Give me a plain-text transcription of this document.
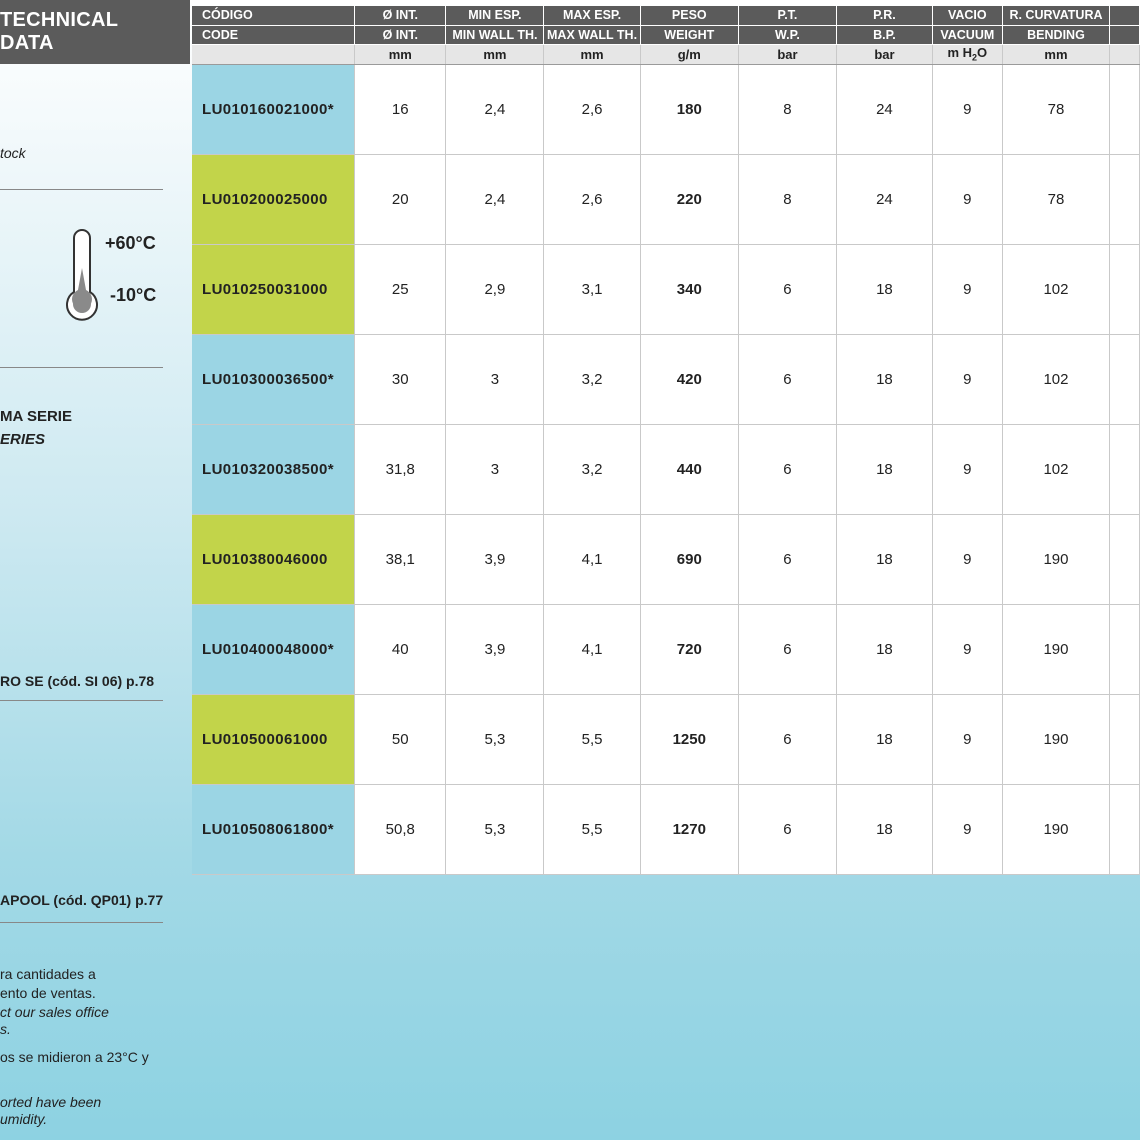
TECHNICAL DATA
tock
+60°C
-10°C
MA SERIE
ERIES
RO SE (cód. SI 06) p.78
APOOL (cód. QP01) p.77
ra cantidades a
ento de ventas.
ct our sales office
s.
os se midieron a 23°C y
orted have been
umidity.
CÓDIGO	Ø INT.	MIN ESP.	MAX ESP.	PESO	P.T.	P.R.	VACIO	R. CURVATURA	
CODE	Ø INT.	MIN WALL TH.	MAX WALL TH.	WEIGHT	W.P.	B.P.	VACUUM	BENDING	
	mm	mm	mm	g/m	bar	bar	m $H_2O$	mm	
LU010160021000*	16	2,4	2,6	180	8	24	9	78	
LU010200025000	20	2,4	2,6	220	8	24	9	78	
LU010250031000	25	2,9	3,1	340	6	18	9	102	
LU010300036500*	30	3	3,2	420	6	18	9	102	
LU010320038500*	31,8	3	3,2	440	6	18	9	102	
LU010380046000	38,1	3,9	4,1	690	6	18	9	190	
LU010400048000*	40	3,9	4,1	720	6	18	9	190	
LU010500061000	50	5,3	5,5	1250	6	18	9	190	
LU010508061800*	50,8	5,3	5,5	1270	6	18	9	190	
